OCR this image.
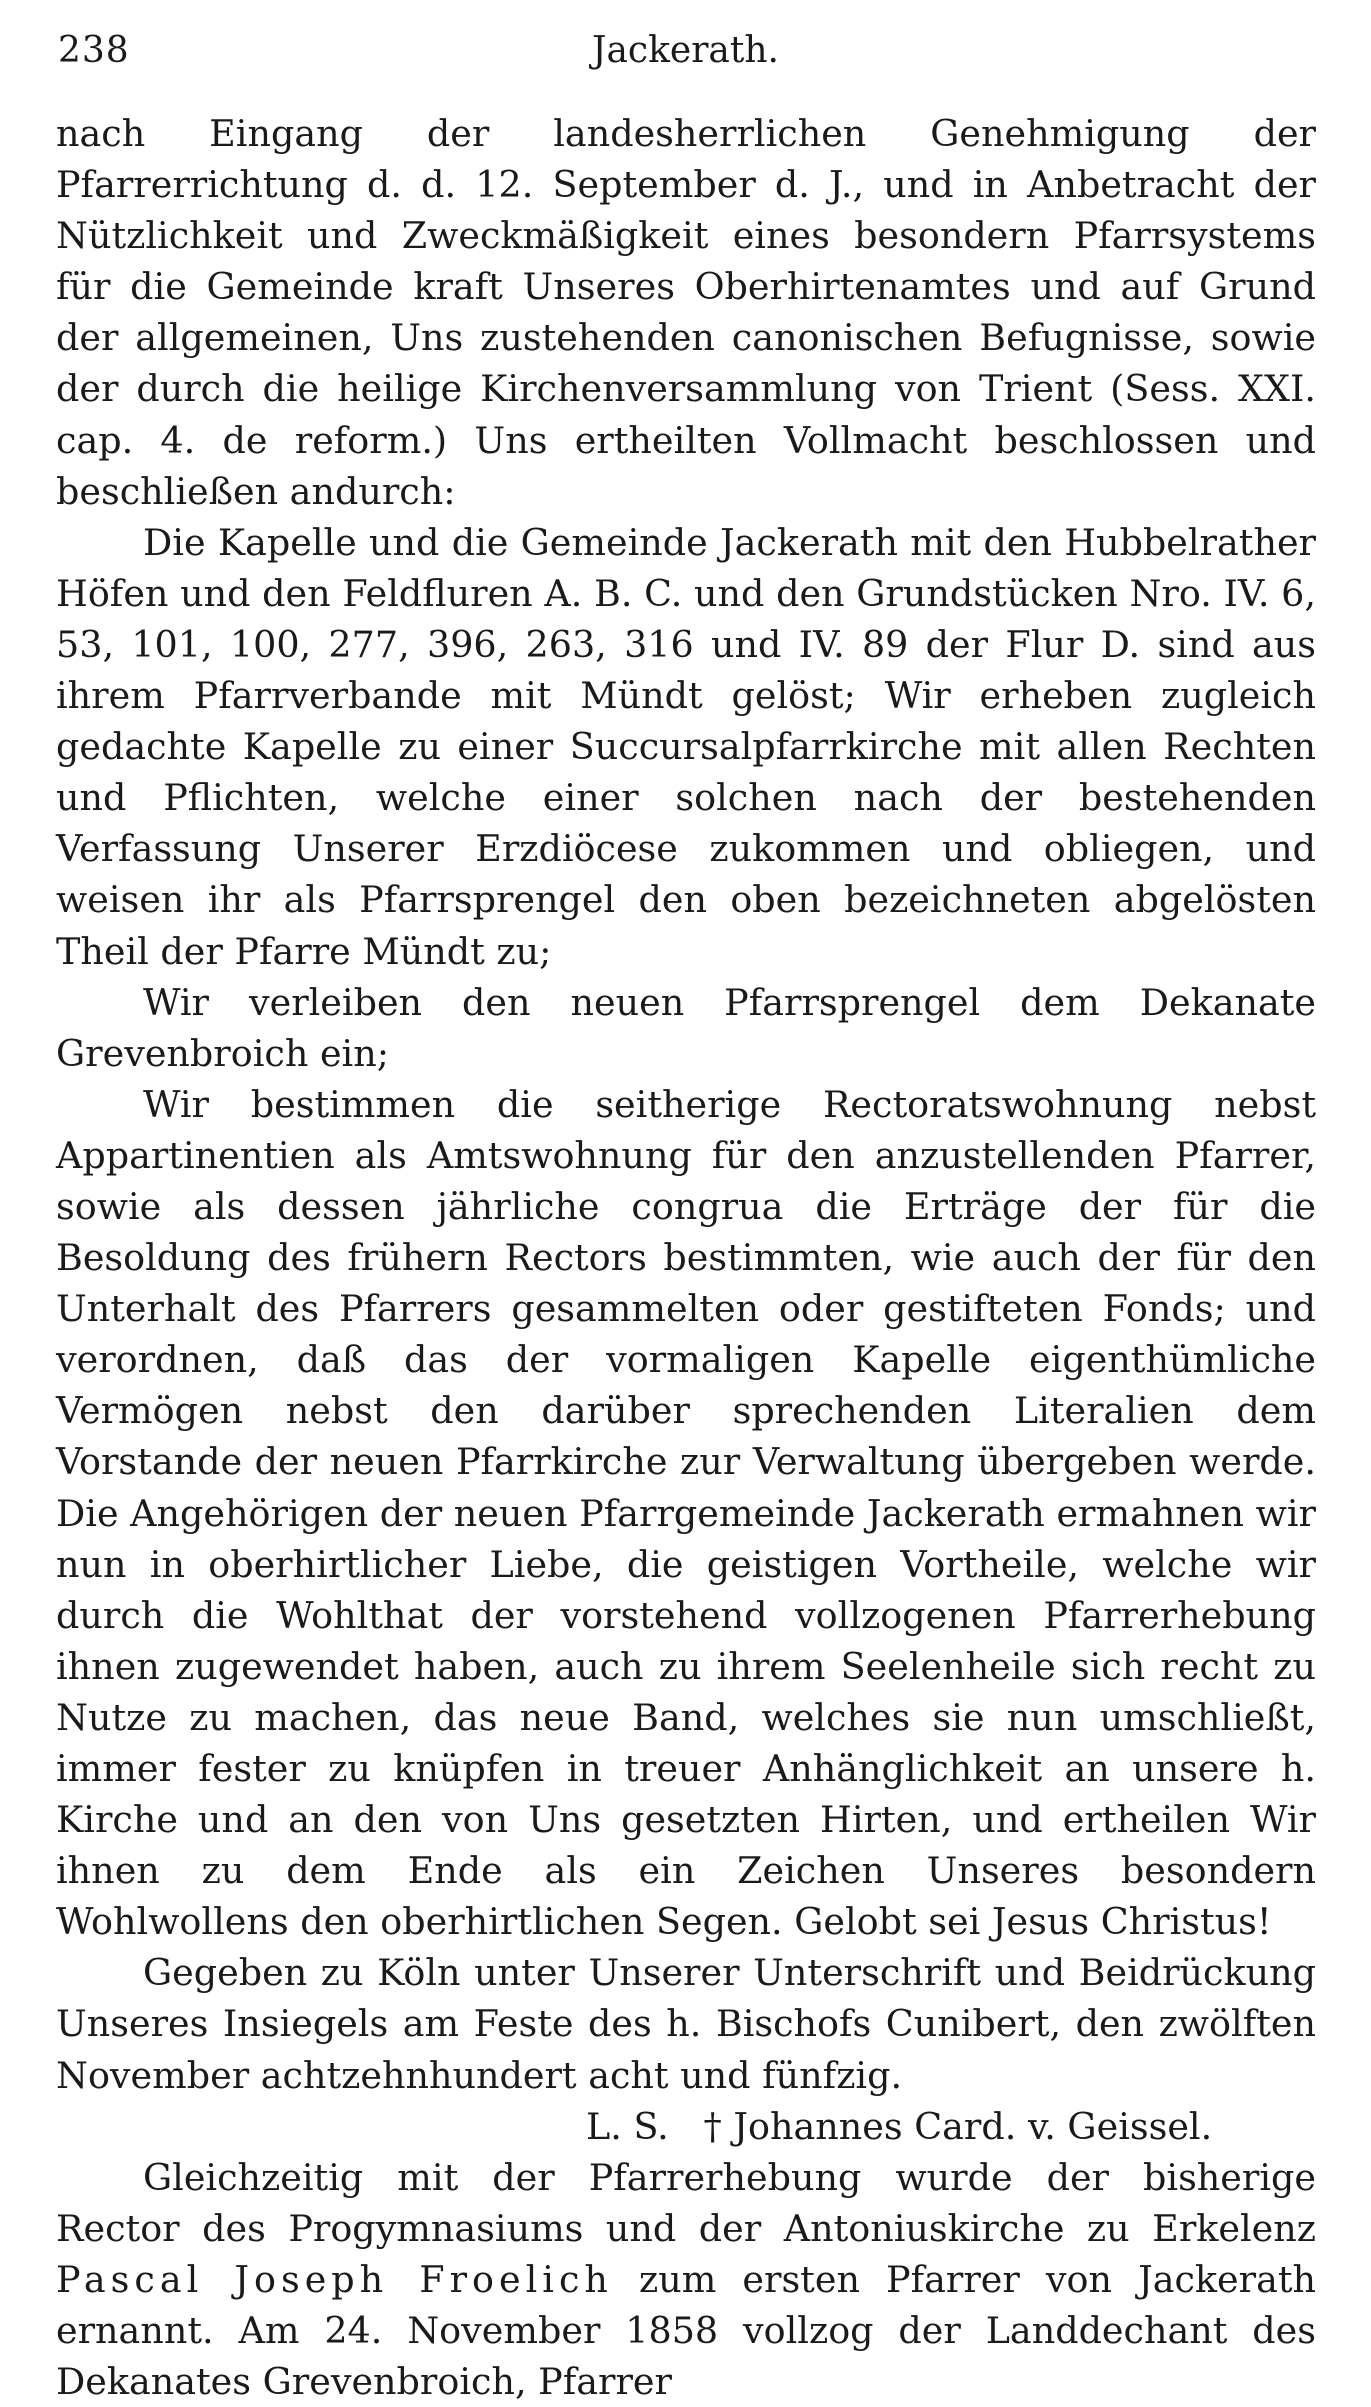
238	Jackerath.

nach Eingang der landesherrlichen Genehmigung der Pfarrerrichtung d. d. 12. September d. J., und in Anbetracht der Nützlichkeit und Zweckmäßigkeit eines besondern Pfarrsystems für die Gemeinde kraft Unseres Oberhirtenamtes und auf Grund der allgemeinen, Uns zustehenden canonischen Befugnisse, sowie der durch die heilige Kirchenversammlung von Trient (Sess. XXI. cap. 4. de reform.) Uns ertheilten Vollmacht beschlossen und beschließen andurch:

Die Kapelle und die Gemeinde Jackerath mit den Hubbelrather Höfen und den Feldfluren A. B. C. und den Grundstücken Nro. IV. 6, 53, 101, 100, 277, 396, 263, 316 und IV. 89 der Flur D. sind aus ihrem Pfarrverbande mit Mündt gelöst; Wir erheben zugleich gedachte Kapelle zu einer Succursalpfarrkirche mit allen Rechten und Pflichten, welche einer solchen nach der bestehenden Verfassung Unserer Erzdiöcese zukommen und obliegen, und weisen ihr als Pfarrsprengel den oben bezeichneten abgelösten Theil der Pfarre Mündt zu;

Wir verleiben den neuen Pfarrsprengel dem Dekanate Grevenbroich ein;

Wir bestimmen die seitherige Rectoratswohnung nebst Appartinentien als Amtswohnung für den anzustellenden Pfarrer, sowie als dessen jährliche congrua die Erträge der für die Besoldung des frühern Rectors bestimmten, wie auch der für den Unterhalt des Pfarrers gesammelten oder gestifteten Fonds; und verordnen, daß das der vormaligen Kapelle eigenthümliche Vermögen nebst den darüber sprechenden Literalien dem Vorstande der neuen Pfarrkirche zur Verwaltung übergeben werde. Die Angehörigen der neuen Pfarrgemeinde Jackerath ermahnen wir nun in oberhirtlicher Liebe, die geistigen Vortheile, welche wir durch die Wohlthat der vorstehend vollzogenen Pfarrerhebung ihnen zugewendet haben, auch zu ihrem Seelenheile sich recht zu Nutze zu machen, das neue Band, welches sie nun umschließt, immer fester zu knüpfen in treuer Anhänglichkeit an unsere h. Kirche und an den von Uns gesetzten Hirten, und ertheilen Wir ihnen zu dem Ende als ein Zeichen Unseres besondern Wohlwollens den oberhirtlichen Segen. Gelobt sei Jesus Christus!

Gegeben zu Köln unter Unserer Unterschrift und Beidrückung Unseres Insiegels am Feste des h. Bischofs Cunibert, den zwölften November achtzehnhundert acht und fünfzig.

L. S.   † Johannes Card. v. Geissel.

Gleichzeitig mit der Pfarrerhebung wurde der bisherige Rector des Progymnasiums und der Antoniuskirche zu Erkelenz Pascal Joseph Froelich zum ersten Pfarrer von Jackerath ernannt. Am 24. November 1858 vollzog der Landdechant des Dekanates Grevenbroich, Pfarrer
